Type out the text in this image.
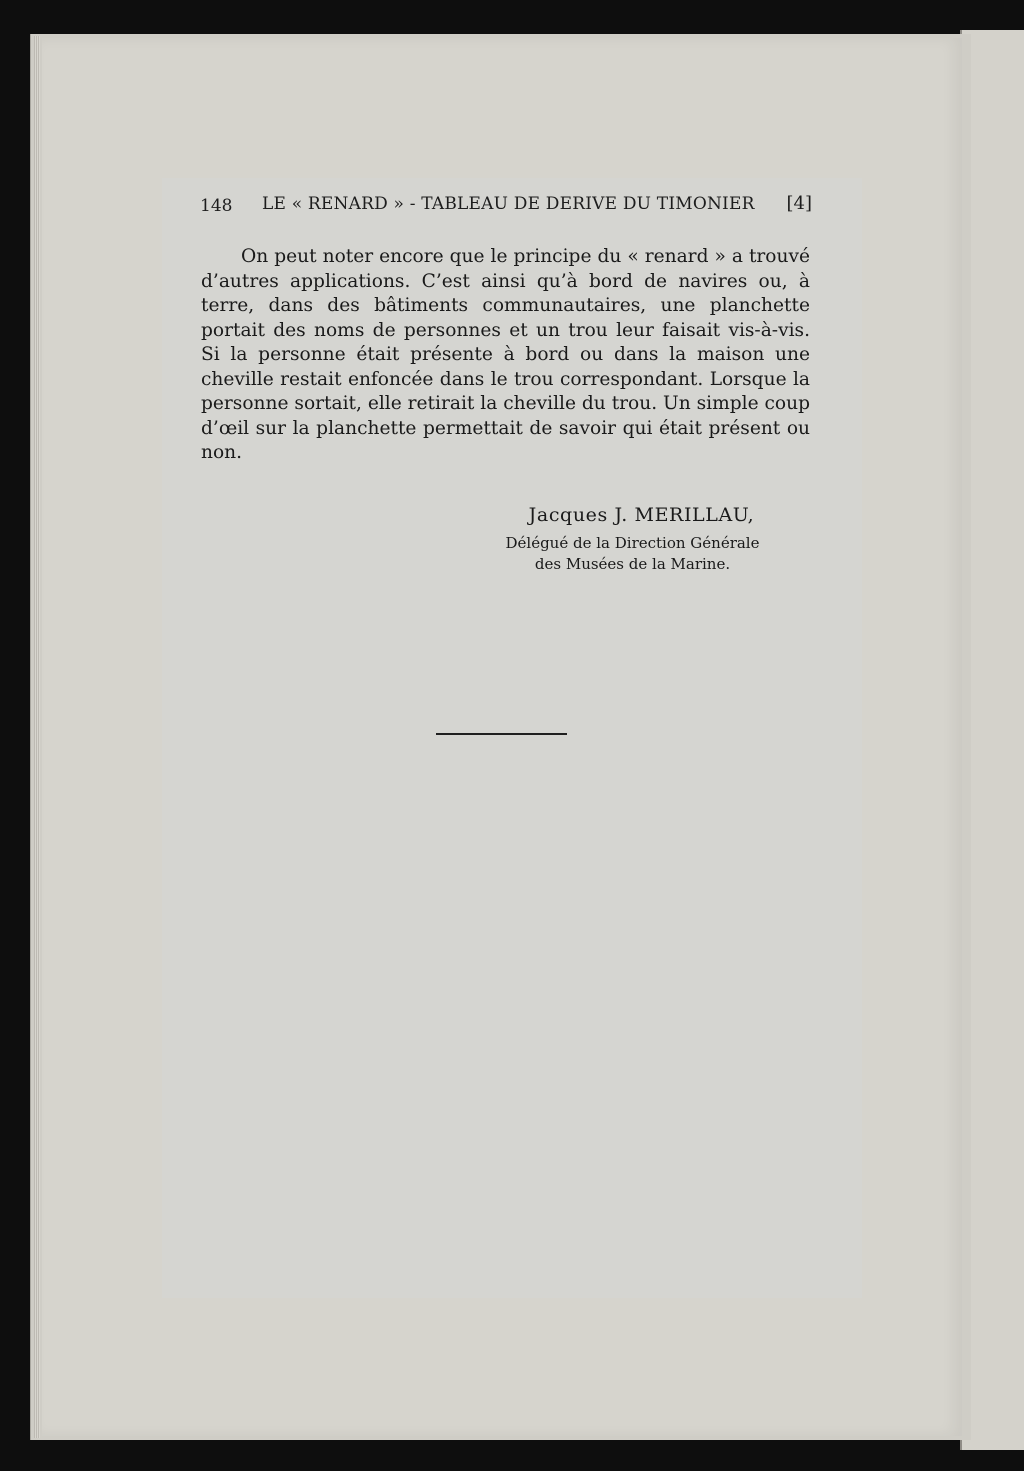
148 LE « RENARD » - TABLEAU DE DERIVE DU TIMONIER [4]

On peut noter encore que le principe du « renard » a trouvé d’autres applications. C’est ainsi qu’à bord de navires ou, à terre, dans des bâtiments communautaires, une planchette portait des noms de personnes et un trou leur faisait vis-à-vis. Si la personne était présente à bord ou dans la maison une cheville restait enfoncée dans le trou correspondant. Lorsque la personne sortait, elle retirait la cheville du trou. Un simple coup d’œil sur la planchette permettait de savoir qui était présent ou non.

Jacques J. MERILLAU,
Délégué de la Direction Générale
des Musées de la Marine.
